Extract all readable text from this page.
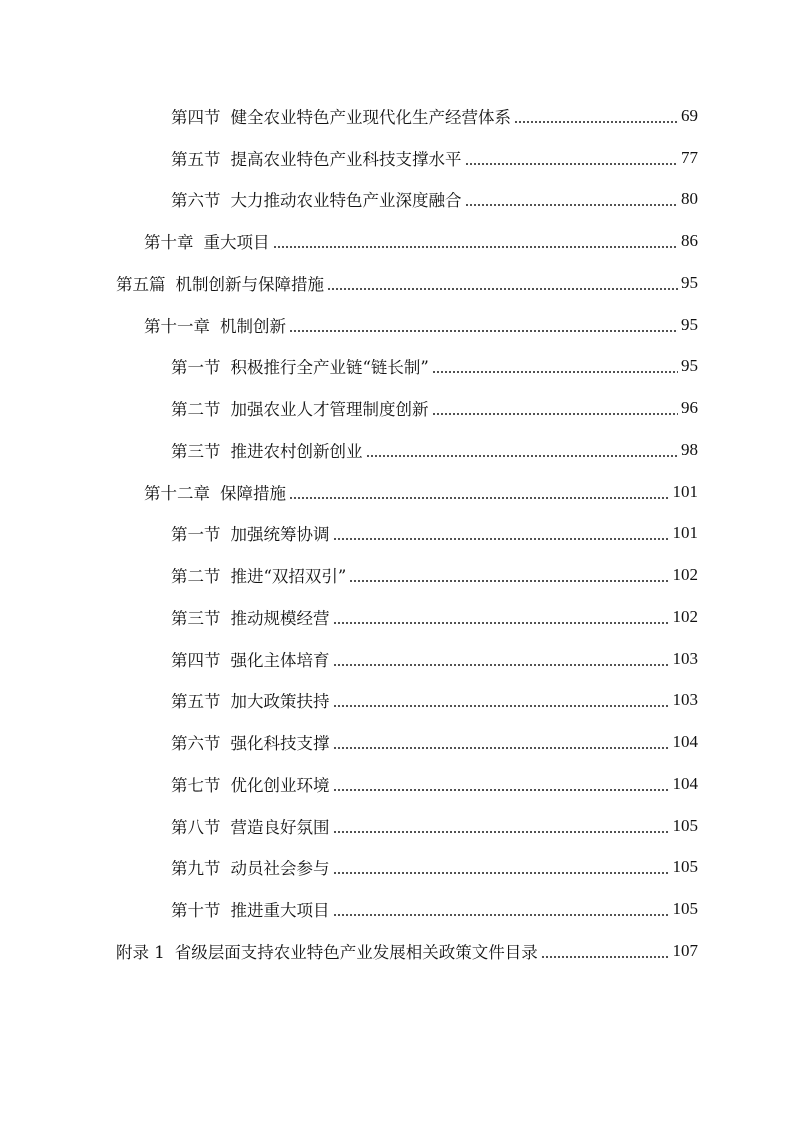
第四节 健全农业特色产业现代化生产经营体系	69
第五节 提高农业特色产业科技支撑水平	77
第六节 大力推动农业特色产业深度融合	80
第十章 重大项目	86
第五篇 机制创新与保障措施	95
第十一章 机制创新	95
第一节 积极推行全产业链“链长制”	95
第二节 加强农业人才管理制度创新	96
第三节 推进农村创新创业	98
第十二章 保障措施	101
第一节 加强统筹协调	101
第二节 推进“双招双引”	102
第三节 推动规模经营	102
第四节 强化主体培育	103
第五节 加大政策扶持	103
第六节 强化科技支撑	104
第七节 优化创业环境	104
第八节 营造良好氛围	105
第九节 动员社会参与	105
第十节 推进重大项目	105
附录 1 省级层面支持农业特色产业发展相关政策文件目录	107
